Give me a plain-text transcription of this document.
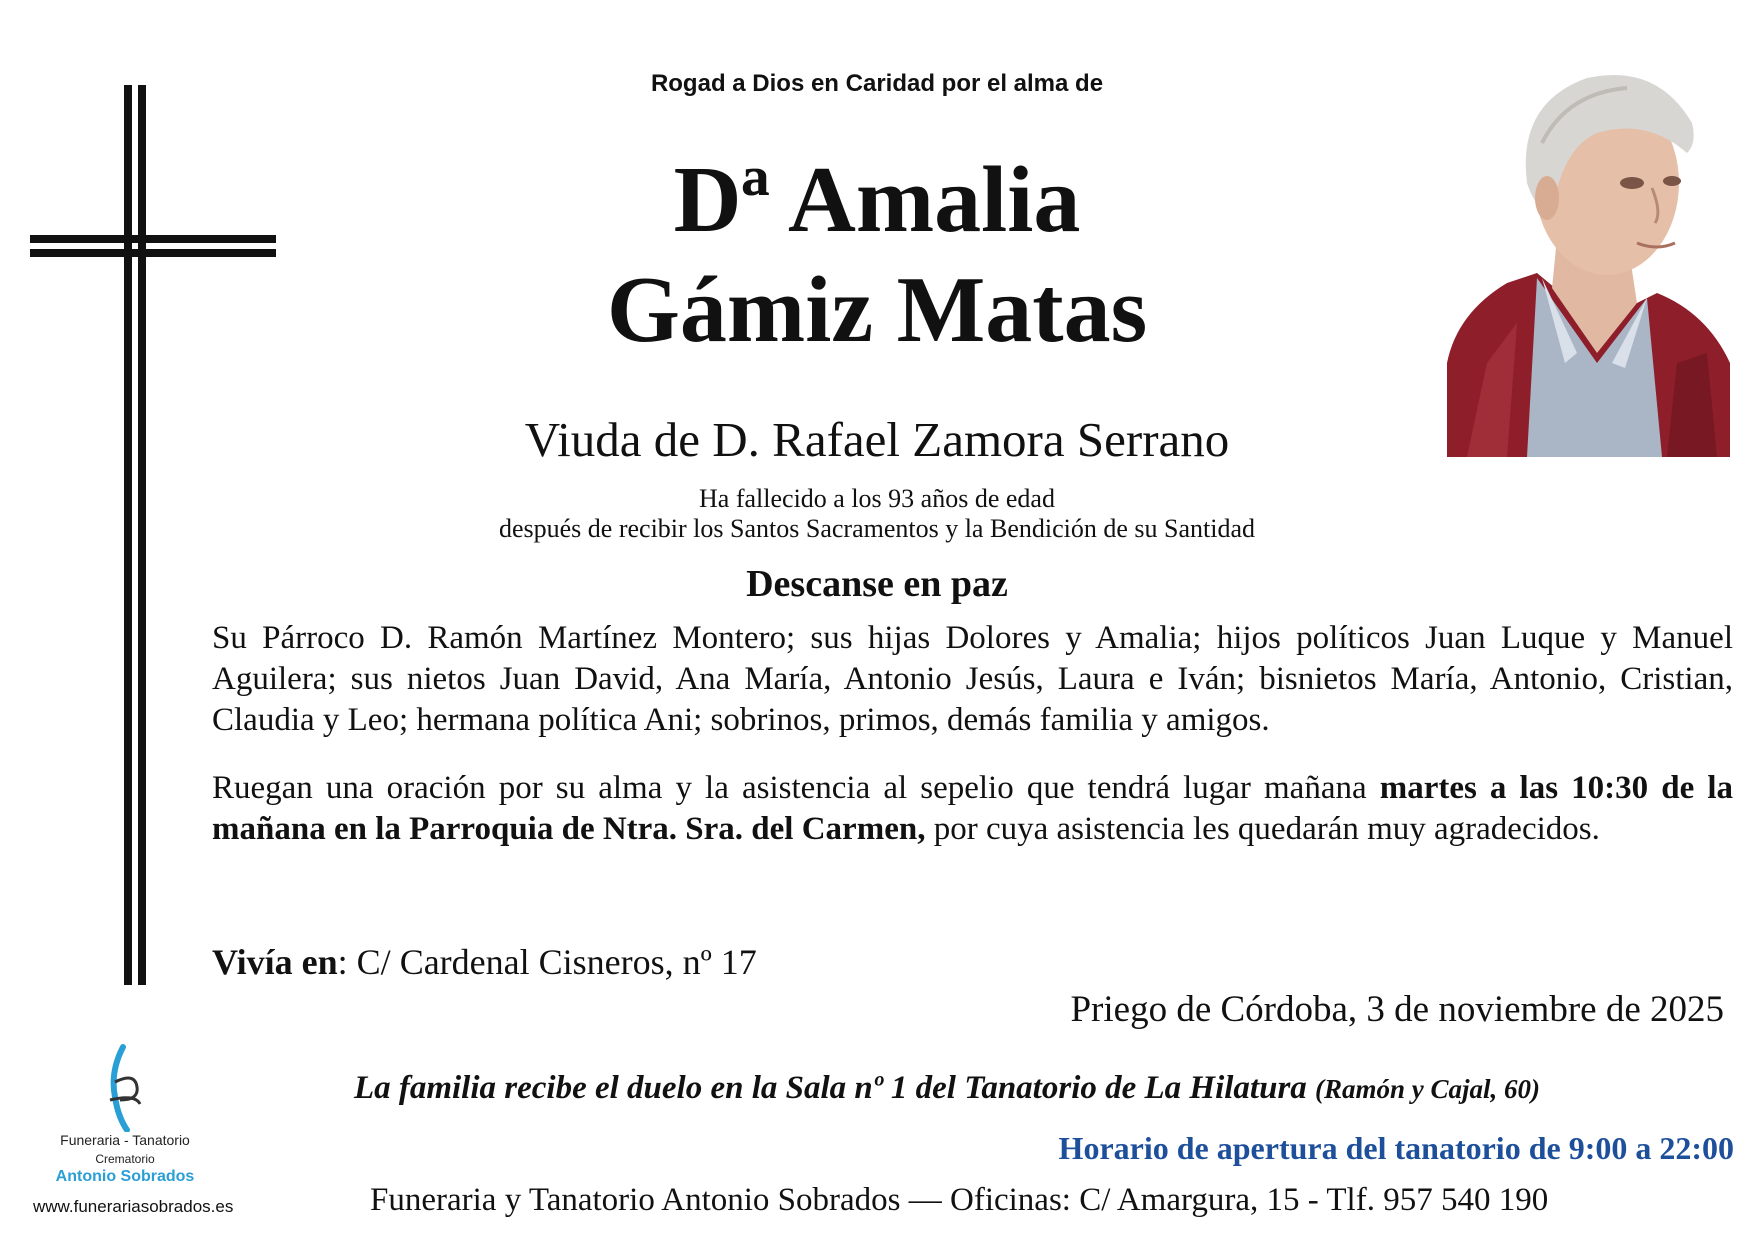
Rogad a Dios en Caridad por el alma de
Dª Amalia
Gámiz Matas
Viuda de D. Rafael Zamora Serrano
Ha fallecido a los 93 años de edad
después de recibir los Santos Sacramentos y la Bendición de su Santidad
Descanse en paz
Su Párroco D. Ramón Martínez Montero; sus hijas Dolores y Amalia; hijos políticos Juan Luque y Manuel Aguilera; sus nietos Juan David, Ana María, Antonio Jesús, Laura e Iván; bisnietos María, Antonio, Cristian, Claudia y Leo; hermana política Ani; sobrinos, primos, demás familia y amigos.
Ruegan una oración por su alma y la asistencia al sepelio que tendrá lugar mañana martes a las 10:30 de la mañana en la Parroquia de Ntra. Sra. del Carmen, por cuya asistencia les quedarán muy agradecidos.
Vivía en: C/ Cardenal Cisneros, nº 17
Priego de Córdoba, 3 de noviembre de 2025
La familia recibe el duelo en la Sala nº 1 del Tanatorio de La Hilatura (Ramón y Cajal, 60)
Horario de apertura del tanatorio de 9:00 a 22:00
Funeraria y Tanatorio Antonio Sobrados — Oficinas: C/ Amargura, 15 - Tlf. 957 540 190
Funeraria - Tanatorio
Crematorio
Antonio Sobrados
www.funerariasobrados.es
